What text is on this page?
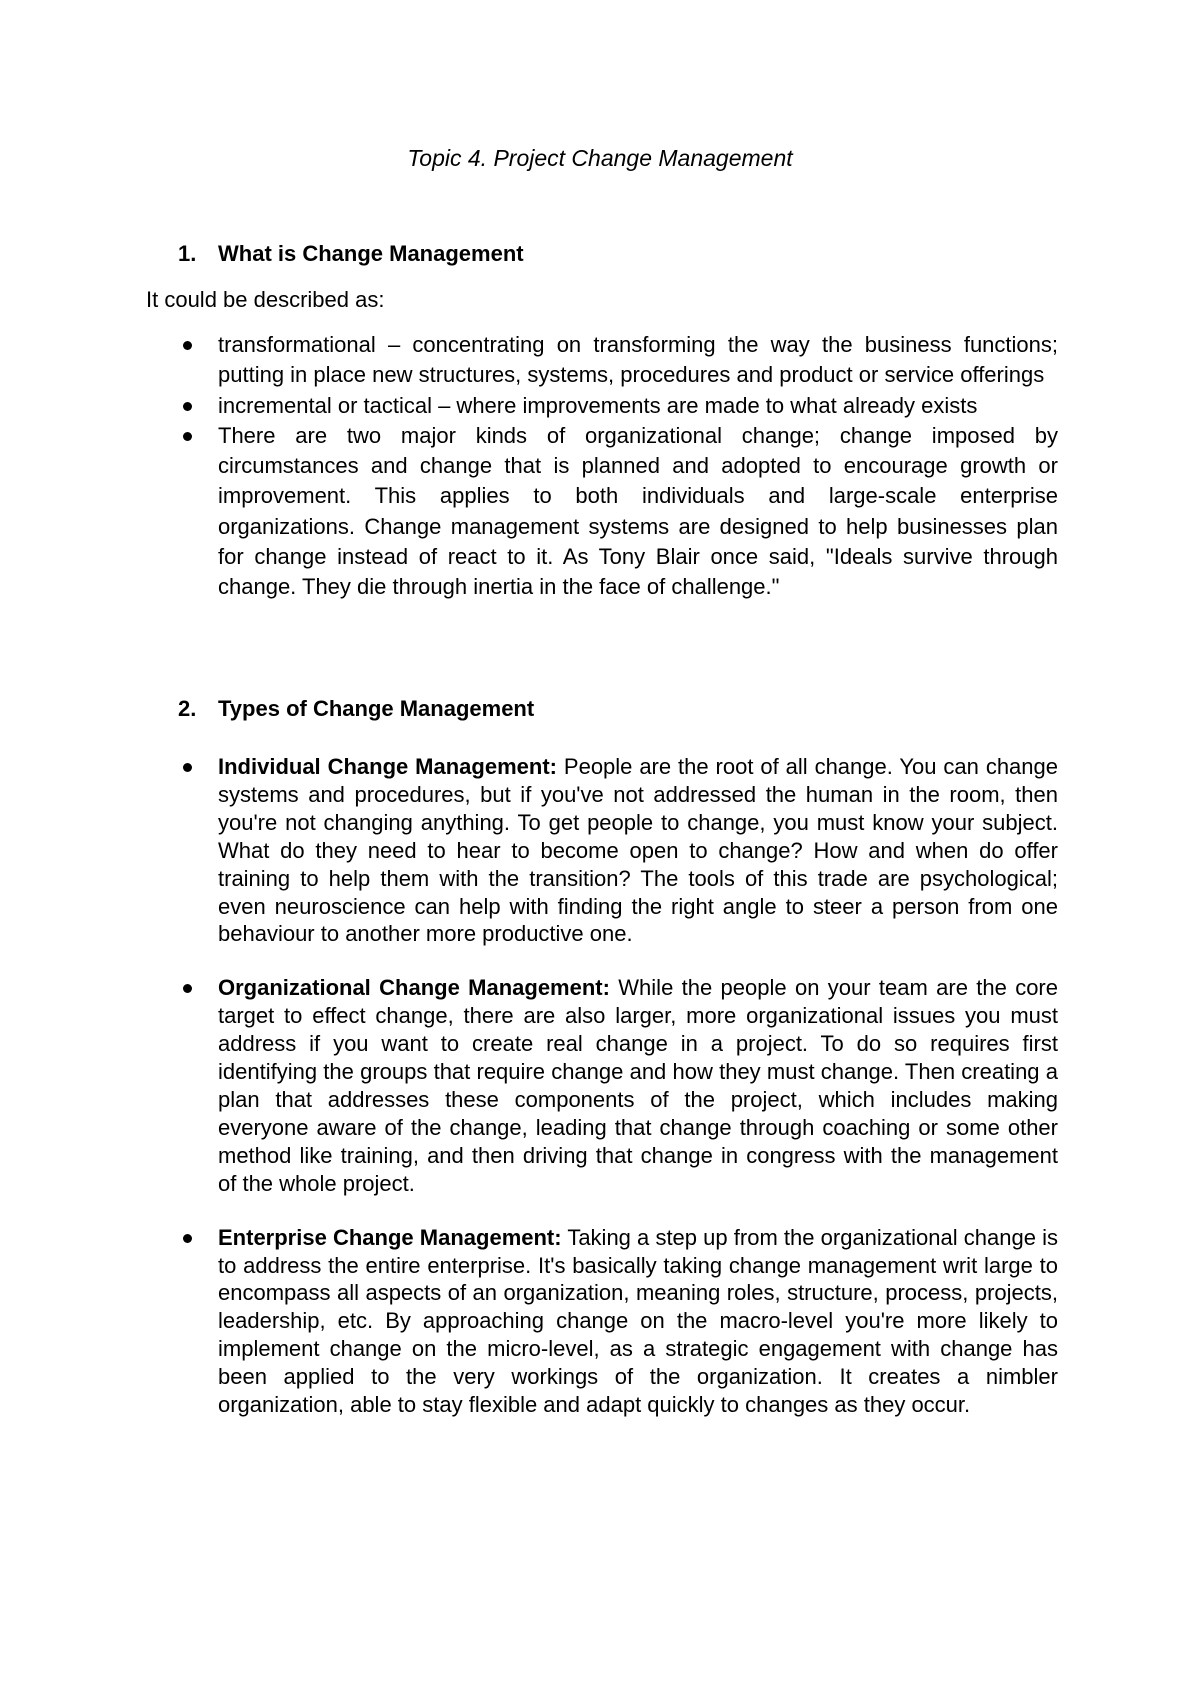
Topic 4. Project Change Management
1. What is Change Management

It could be described as:

transformational – concentrating on transforming the way the business functions; putting in place new structures, systems, procedures and product or service offerings
incremental or tactical – where improvements are made to what already exists
There are two major kinds of organizational change; change imposed by circumstances and change that is planned and adopted to encourage growth or improvement. This applies to both individuals and large-scale enterprise organizations. Change management systems are designed to help businesses plan for change instead of react to it. As Tony Blair once said, "Ideals survive through change. They die through inertia in the face of challenge."
2. Types of Change Management
Individual Change Management: People are the root of all change. You can change systems and procedures, but if you've not addressed the human in the room, then you're not changing anything. To get people to change, you must know your subject. What do they need to hear to become open to change? How and when do offer training to help them with the transition? The tools of this trade are psychological; even neuroscience can help with finding the right angle to steer a person from one behaviour to another more productive one.
Organizational Change Management: While the people on your team are the core target to effect change, there are also larger, more organizational issues you must address if you want to create real change in a project. To do so requires first identifying the groups that require change and how they must change. Then creating a plan that addresses these components of the project, which includes making everyone aware of the change, leading that change through coaching or some other method like training, and then driving that change in congress with the management of the whole project.
Enterprise Change Management: Taking a step up from the organizational change is to address the entire enterprise. It's basically taking change management writ large to encompass all aspects of an organization, meaning roles, structure, process, projects, leadership, etc. By approaching change on the macro-level you're more likely to implement change on the micro-level, as a strategic engagement with change has been applied to the very workings of the organization. It creates a nimbler organization, able to stay flexible and adapt quickly to changes as they occur.
